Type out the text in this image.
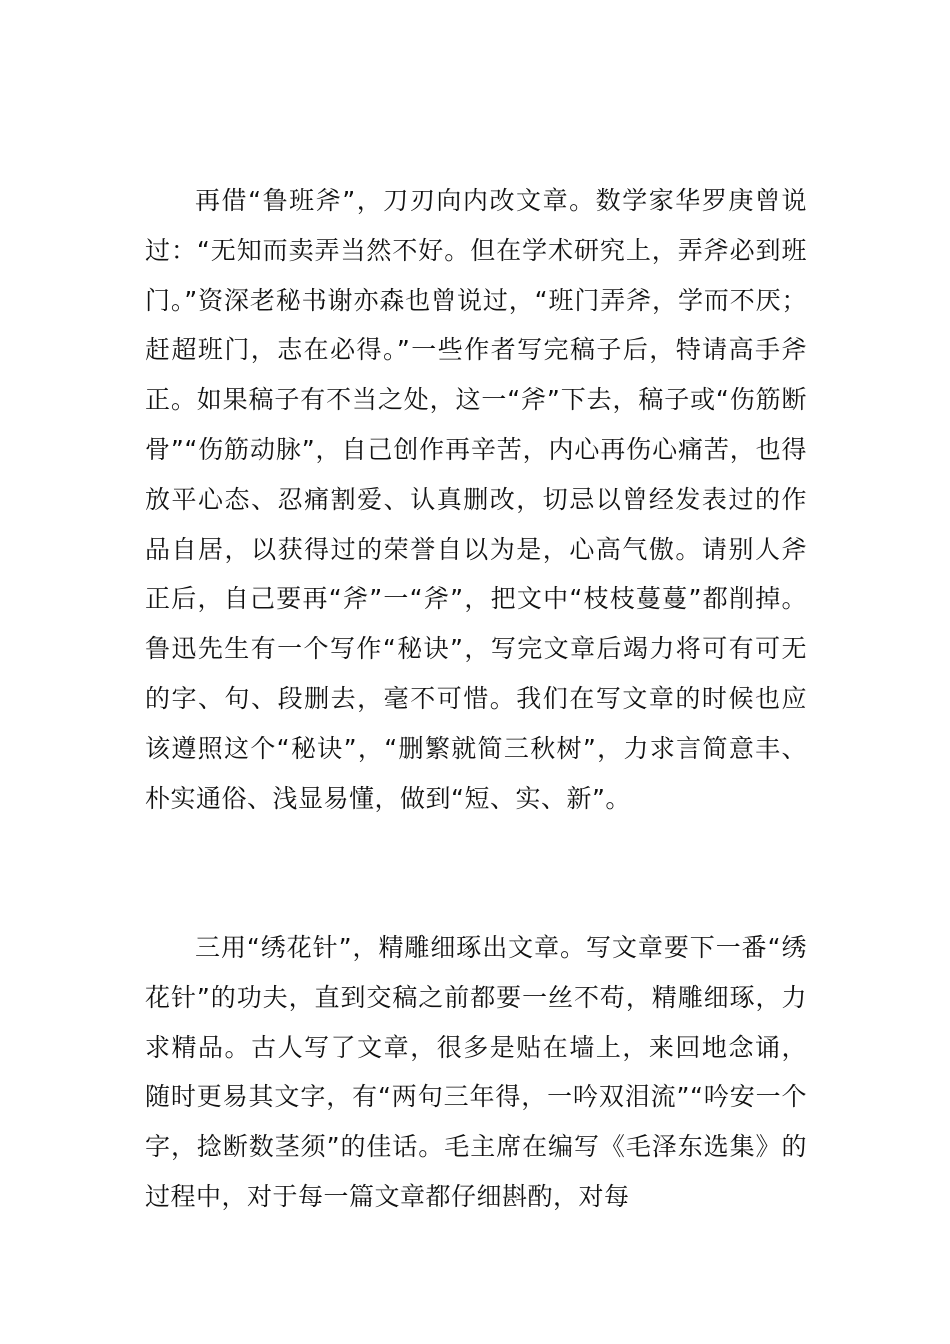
再借“鲁班斧”，刀刃向内改文章。数学家华罗庚曾说过：“无知而卖弄当然不好。但在学术研究上，弄斧必到班门。”资深老秘书谢亦森也曾说过，“班门弄斧，学而不厌；赶超班门，志在必得。”一些作者写完稿子后，特请高手斧正。如果稿子有不当之处，这一“斧”下去，稿子或“伤筋断骨”“伤筋动脉”，自己创作再辛苦，内心再伤心痛苦，也得放平心态、忍痛割爱、认真删改，切忌以曾经发表过的作品自居，以获得过的荣誉自以为是，心高气傲。请别人斧正后，自己要再“斧”一“斧”，把文中“枝枝蔓蔓”都削掉。鲁迅先生有一个写作“秘诀”，写完文章后竭力将可有可无的字、句、段删去，毫不可惜。我们在写文章的时候也应该遵照这个“秘诀”，“删繁就简三秋树”，力求言简意丰、朴实通俗、浅显易懂，做到“短、实、新”。

三用“绣花针”，精雕细琢出文章。写文章要下一番“绣花针”的功夫，直到交稿之前都要一丝不苟，精雕细琢，力求精品。古人写了文章，很多是贴在墙上，来回地念诵，随时更易其文字，有“两句三年得，一吟双泪流”“吟安一个字，捻断数茎须”的佳话。毛主席在编写《毛泽东选集》的过程中，对于每一篇文章都仔细斟酌，对每
